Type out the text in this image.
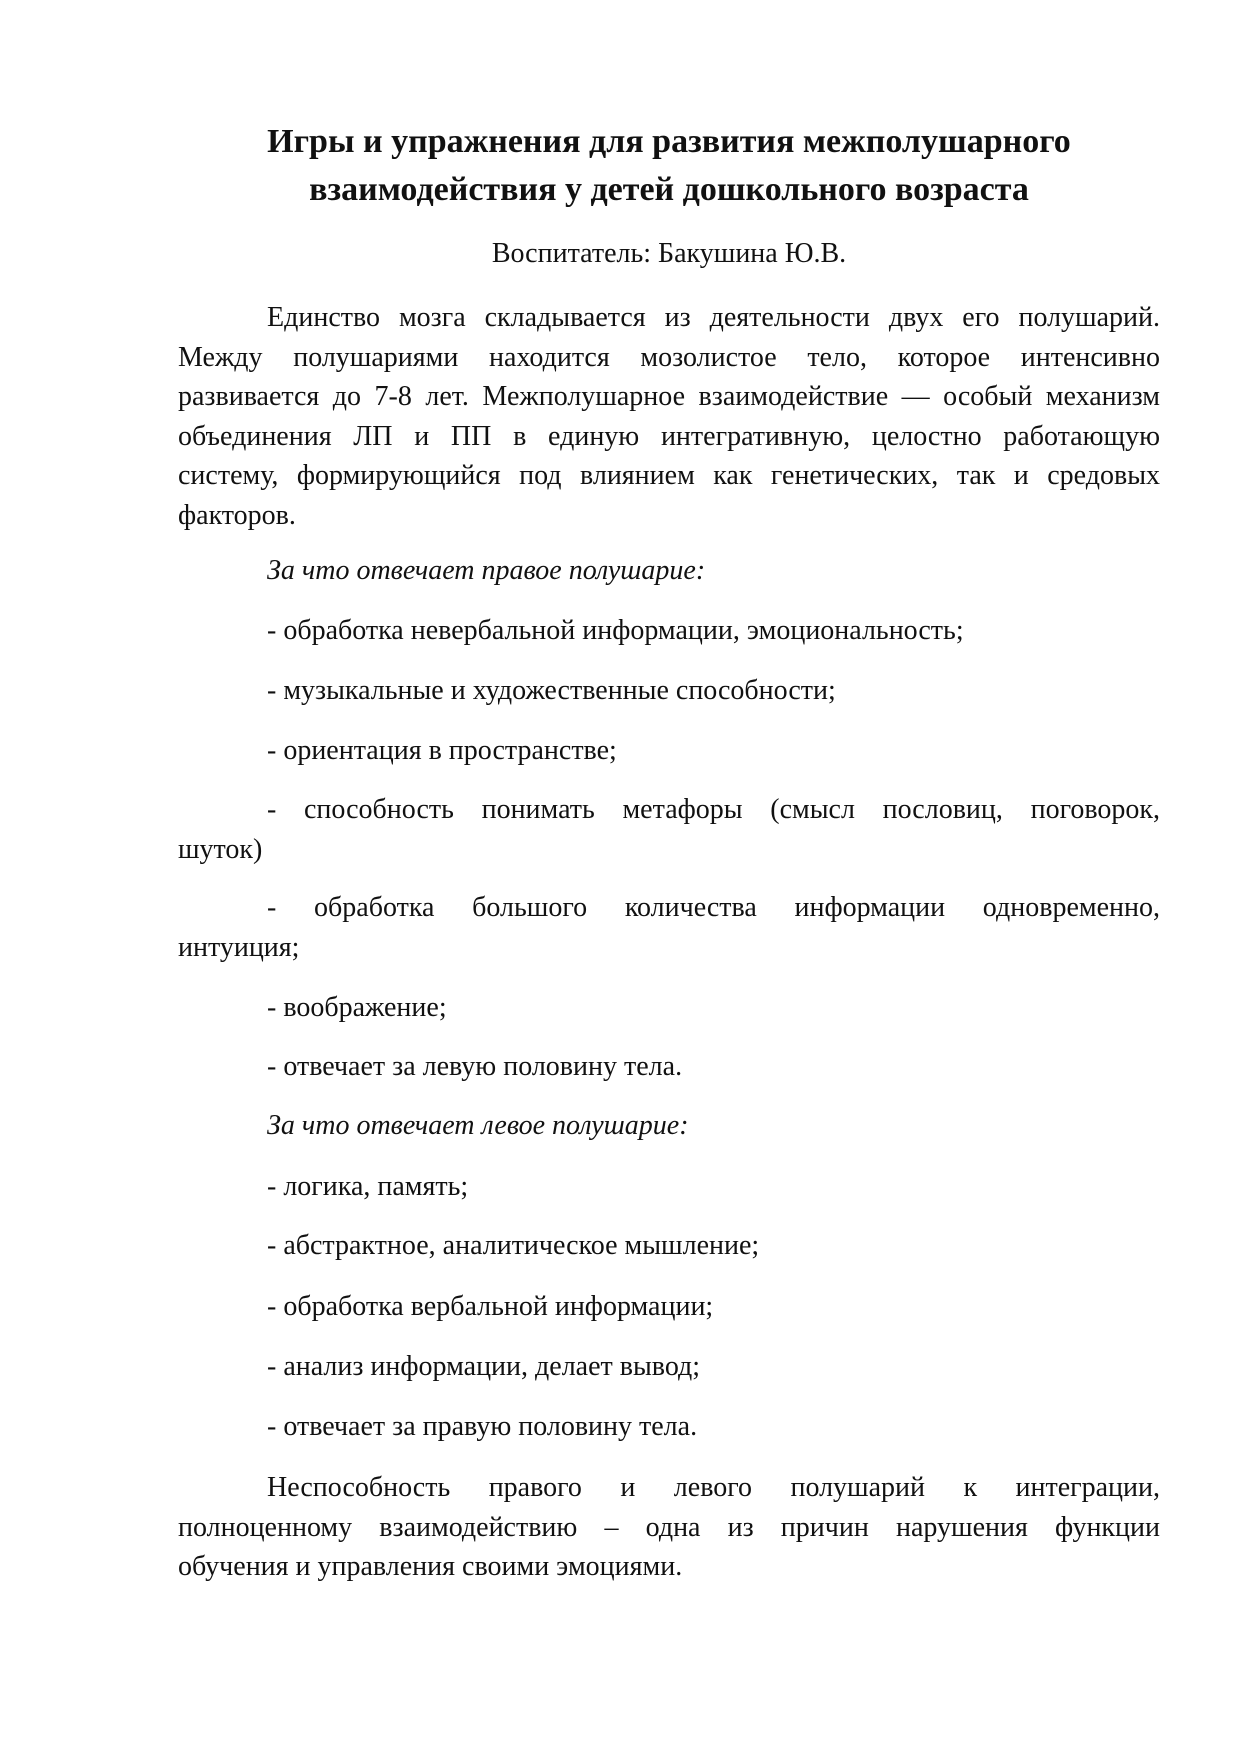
Игры и упражнения для развития межполушарного
взаимодействия у детей дошкольного возраста
Воспитатель: Бакушина Ю.В.
Единство мозга складывается из деятельности двух его полушарий.
Между полушариями находится мозолистое тело, которое интенсивно
развивается до 7-8 лет. Межполушарное взаимодействие — особый механизм
объединения ЛП и ПП в единую интегративную, целостно работающую
систему, формирующийся под влиянием как генетических, так и средовых
факторов.
За что отвечает правое полушарие:
- обработка невербальной информации, эмоциональность;
- музыкальные и художественные способности;
- ориентация в пространстве;
- способность понимать метафоры (смысл пословиц, поговорок,
шуток)
- обработка большого количества информации одновременно,
интуиция;
- воображение;
- отвечает за левую половину тела.
За что отвечает левое полушарие:
- логика, память;
- абстрактное, аналитическое мышление;
- обработка вербальной информации;
- анализ информации, делает вывод;
- отвечает за правую половину тела.
Неспособность правого и левого полушарий к интеграции,
полноценному взаимодействию – одна из причин нарушения функции
обучения и управления своими эмоциями.
